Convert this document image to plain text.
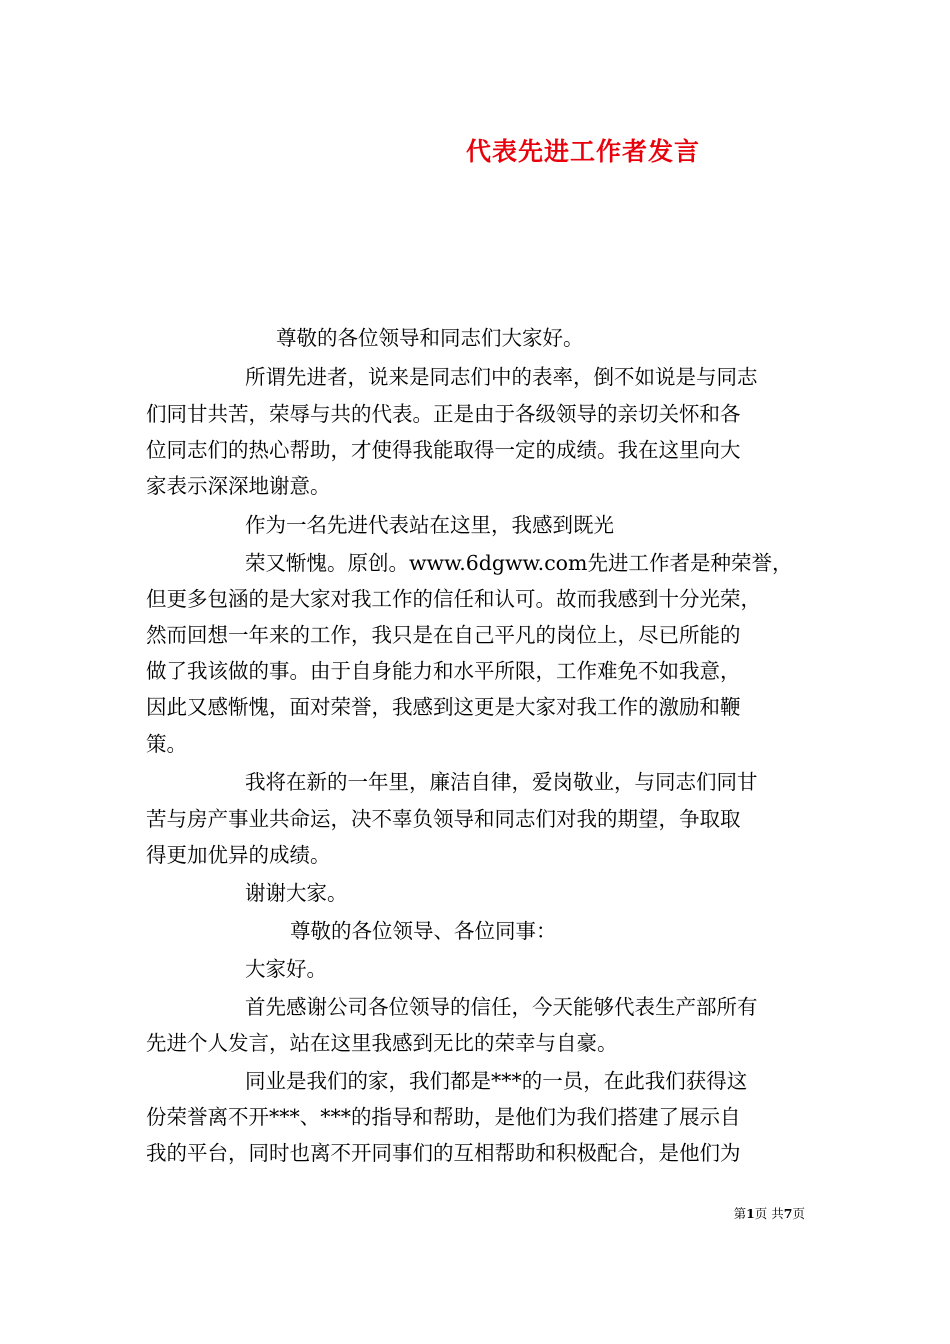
代表先进工作者发言
尊敬的各位领导和同志们大家好。
所谓先进者，说来是同志们中的表率，倒不如说是与同志
们同甘共苦，荣辱与共的代表。正是由于各级领导的亲切关怀和各
位同志们的热心帮助，才使得我能取得一定的成绩。我在这里向大
家表示深深地谢意。
作为一名先进代表站在这里，我感到既光
荣又惭愧。原创。www.6dgww.com先进工作者是种荣誉，
但更多包涵的是大家对我工作的信任和认可。故而我感到十分光荣，
然而回想一年来的工作，我只是在自己平凡的岗位上，尽已所能的
做了我该做的事。由于自身能力和水平所限，工作难免不如我意，
因此又感惭愧，面对荣誉，我感到这更是大家对我工作的激励和鞭
策。
我将在新的一年里，廉洁自律，爱岗敬业，与同志们同甘
苦与房产事业共命运，决不辜负领导和同志们对我的期望，争取取
得更加优异的成绩。
谢谢大家。
尊敬的各位领导、各位同事：
大家好。
首先感谢公司各位领导的信任，今天能够代表生产部所有
先进个人发言，站在这里我感到无比的荣幸与自豪。
同业是我们的家，我们都是***的一员，在此我们获得这
份荣誉离不开***、***的指导和帮助，是他们为我们搭建了展示自
我的平台，同时也离不开同事们的互相帮助和积极配合，是他们为
第1页 共7页
